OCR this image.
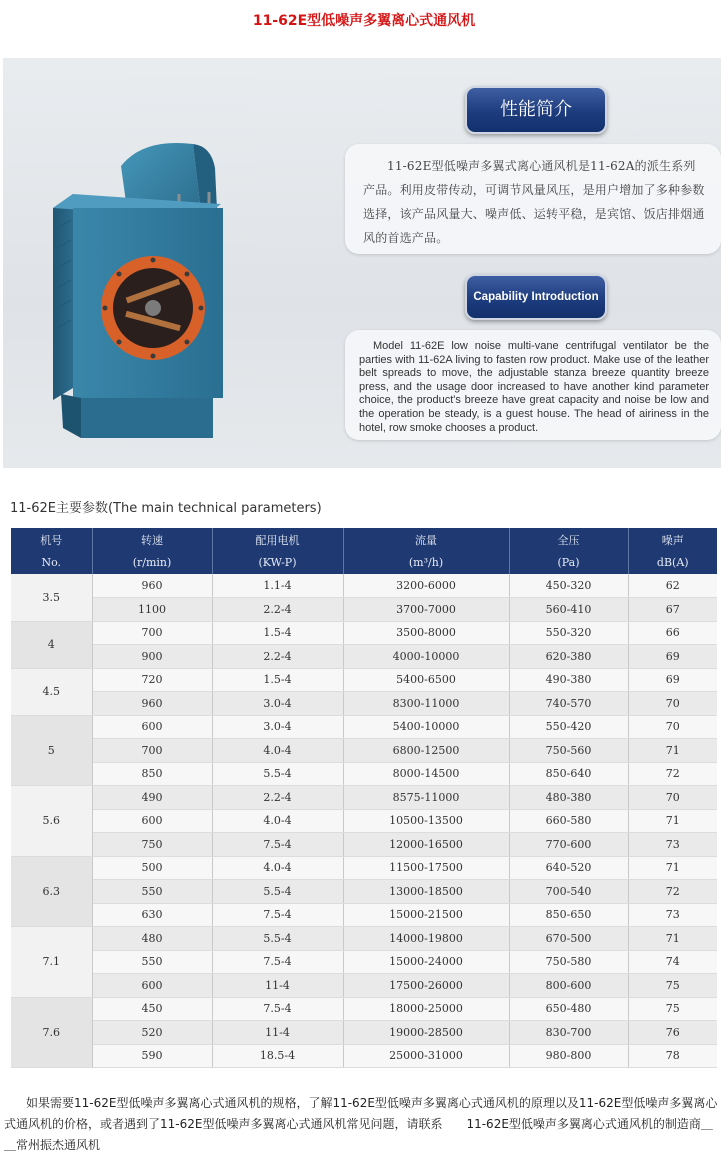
11-62E型低噪声多翼离心式通风机
性能简介
11-62E型低噪声多翼式离心通风机是11-62A的派生系列产品。利用皮带传动，可调节风量风压，是用户增加了多种参数选择，该产品风量大、噪声低、运转平稳，是宾馆、饭店排烟通风的首选产品。
Capability Introduction
Model 11-62E low noise multi-vane centrifugal ventilator be the parties with 11-62A living to fasten row product. Make use of the leather belt spreads to move, the adjustable stanza breeze quantity breeze press, and the usage door increased to have another kind parameter choice, the product's breeze have great capacity and noise be low and the operation be steady, is a guest house. The head of airiness in the hotel, row smoke chooses a product.
11-62E主要参数(The main technical parameters)
机号	转速	配用电机	流量	全压	噪声
No.	(r/min)	(KW-P)	(m³/h)	(Pa)	dB(A)
3.5	960	1.1-4	3200-6000	450-320	62
	1100	2.2-4	3700-7000	560-410	67
4	700	1.5-4	3500-8000	550-320	66
	900	2.2-4	4000-10000	620-380	69
4.5	720	1.5-4	5400-6500	490-380	69
	960	3.0-4	8300-11000	740-570	70
5	600	3.0-4	5400-10000	550-420	70
	700	4.0-4	6800-12500	750-560	71
	850	5.5-4	8000-14500	850-640	72
5.6	490	2.2-4	8575-11000	480-380	70
	600	4.0-4	10500-13500	660-580	71
	750	7.5-4	12000-16500	770-600	73
6.3	500	4.0-4	11500-17500	640-520	71
	550	5.5-4	13000-18500	700-540	72
	630	7.5-4	15000-21500	850-650	73
7.1	480	5.5-4	14000-19800	670-500	71
	550	7.5-4	15000-24000	750-580	74
	600	11-4	17500-26000	800-600	75
7.6	450	7.5-4	18000-25000	650-480	75
	520	11-4	19000-28500	830-700	76
	590	18.5-4	25000-31000	980-800	78
如果需要11-62E型低噪声多翼离心式通风机的规格，了解11-62E型低噪声多翼离心式通风机的原理以及11-62E型低噪声多翼离心式通风机的价格，或者遇到了11-62E型低噪声多翼离心式通风机常见问题，请联系　　11-62E型低噪声多翼离心式通风机的制造商＿＿常州振杰通风机
